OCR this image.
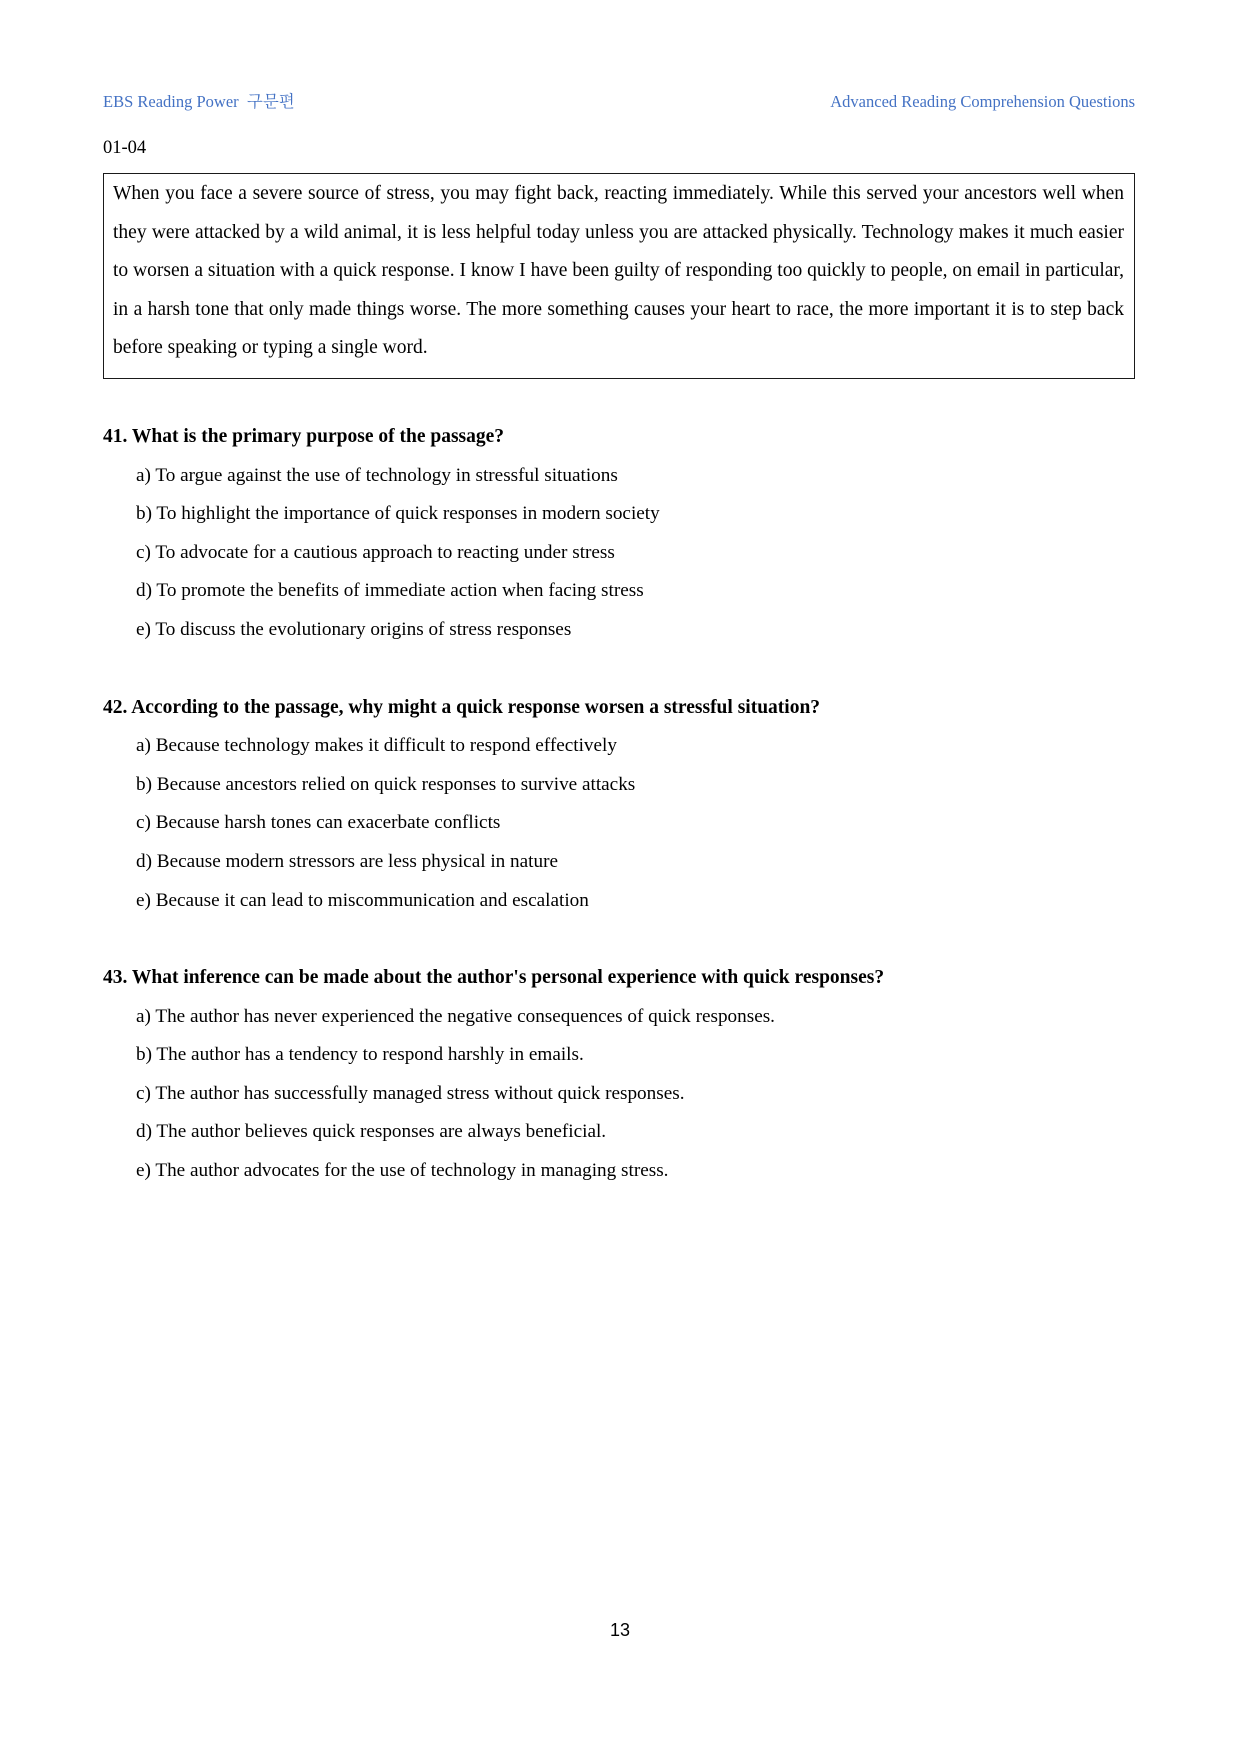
EBS Reading Power  구문편	Advanced Reading Comprehension Questions
01-04
When you face a severe source of stress, you may fight back, reacting immediately. While this served your ancestors well when they were attacked by a wild animal, it is less helpful today unless you are attacked physically. Technology makes it much easier to worsen a situation with a quick response. I know I have been guilty of responding too quickly to people, on email in particular, in a harsh tone that only made things worse. The more something causes your heart to race, the more important it is to step back before speaking or typing a single word.
41. What is the primary purpose of the passage?
a) To argue against the use of technology in stressful situations
b) To highlight the importance of quick responses in modern society
c) To advocate for a cautious approach to reacting under stress
d) To promote the benefits of immediate action when facing stress
e) To discuss the evolutionary origins of stress responses
42. According to the passage, why might a quick response worsen a stressful situation?
a) Because technology makes it difficult to respond effectively
b) Because ancestors relied on quick responses to survive attacks
c) Because harsh tones can exacerbate conflicts
d) Because modern stressors are less physical in nature
e) Because it can lead to miscommunication and escalation
43. What inference can be made about the author's personal experience with quick responses?
a) The author has never experienced the negative consequences of quick responses.
b) The author has a tendency to respond harshly in emails.
c) The author has successfully managed stress without quick responses.
d) The author believes quick responses are always beneficial.
e) The author advocates for the use of technology in managing stress.
13
